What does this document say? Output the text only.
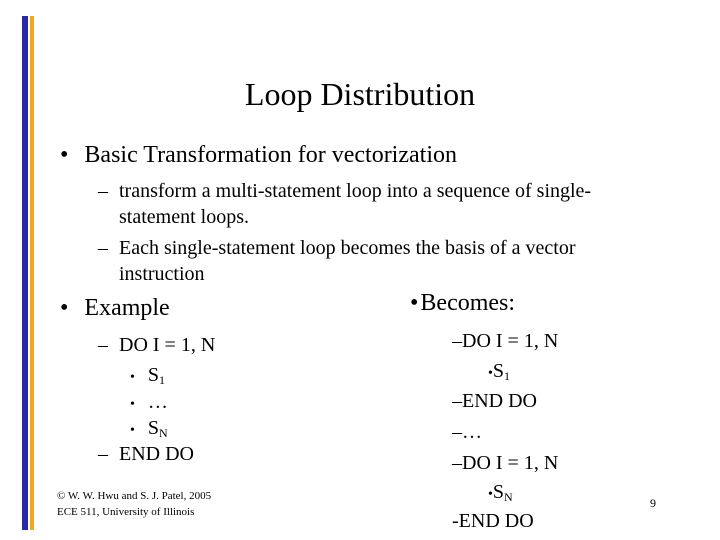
Loop Distribution
• Basic Transformation for vectorization
– transform a multi-statement loop into a sequence of single-
statement loops.
– Each single-statement loop becomes the basis of a vector
instruction
• Example
– DO I = 1, N
• $S_1$
• …
• $S_N$
– END DO
•Becomes:
–DO I = 1, N
$•S_1$
–END DO
–…
–DO I = 1, N
$•S_N$
-END DO
© W. W. Hwu and S. J. Patel, 2005
ECE 511, University of Illinois
9
